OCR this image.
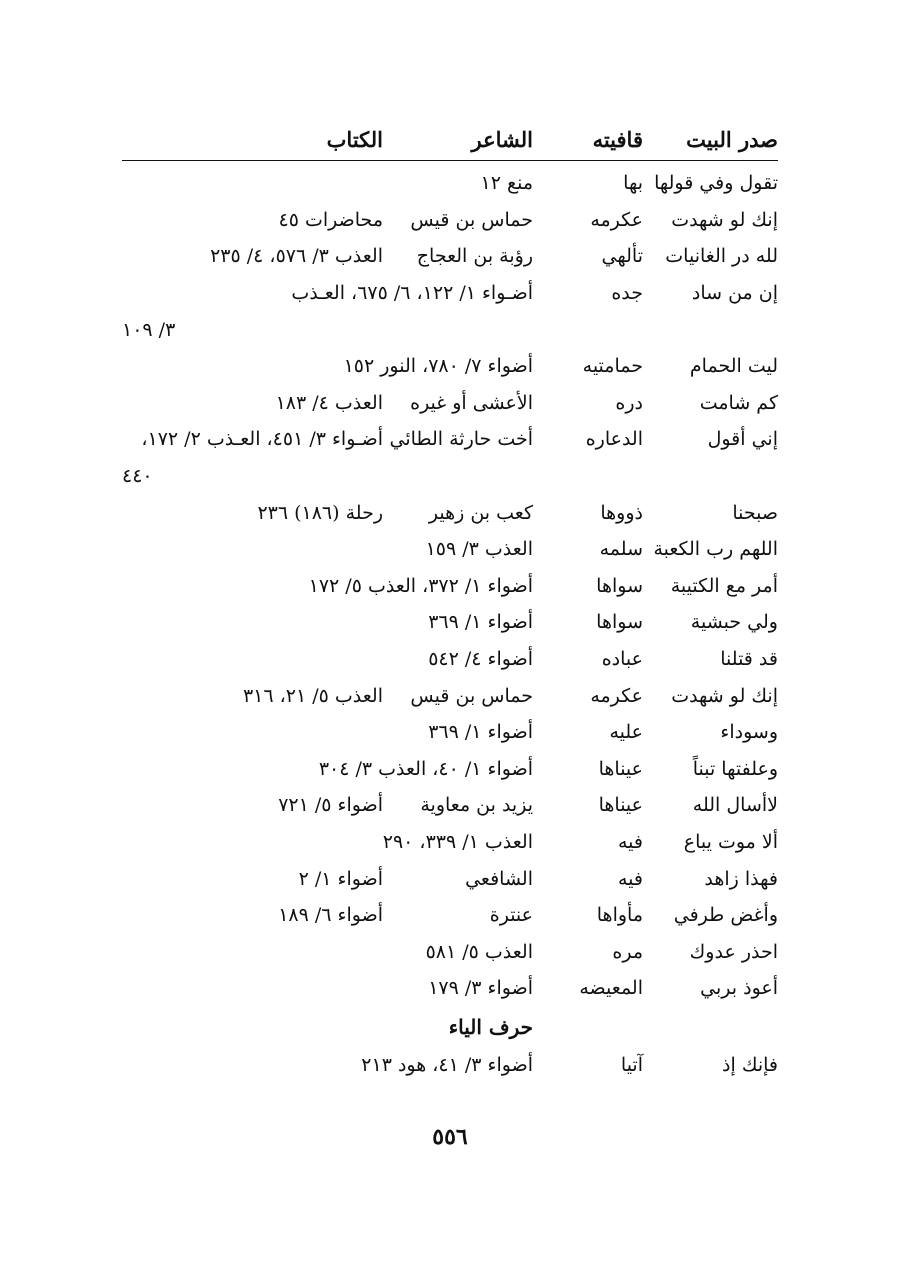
صدر البيت
قافيته
الشاعر
الكتاب
تقول وفي قولها
بها
منع ١٢
إنك لو شهدت
عكرمه
حماس بن قيس
محاضرات ٤٥
لله در الغانيات
تألهي
رؤبة بن العجاج
العذب ٣/ ٥٧٦، ٤/ ٢٣٥
إن من ساد
جده
أضـواء ١/ ١٢٢، ٦/ ٦٧٥، العـذب
٣/ ١٠٩
ليت الحمام
حمامتيه
أضواء ٧/ ٧٨٠، النور ١٥٢
كم شامت
دره
الأعشى أو غيره
العذب ٤/ ١٨٣
إني أقول
الدعاره
أخت حارثة الطائي
أضـواء ٣/ ٤٥١، العـذب ٢/ ١٧٢،
٤٤٠
صبحنا
ذووها
كعب بن زهير
رحلة (١٨٦) ٢٣٦
اللهم رب الكعبة
سلمه
العذب ٣/ ١٥٩
أمر مع الكتيبة
سواها
أضواء ١/ ٣٧٢، العذب ٥/ ١٧٢
ولي حبشية
سواها
أضواء ١/ ٣٦٩
قد قتلنا
عباده
أضواء ٤/ ٥٤٢
إنك لو شهدت
عكرمه
حماس بن قيس
العذب ٥/ ٢١، ٣١٦
وسوداء
عليه
أضواء ١/ ٣٦٩
وعلفتها تبناً
عيناها
أضواء ١/ ٤٠، العذب ٣/ ٣٠٤
لاأسال الله
عيناها
يزيد بن معاوية
أضواء ٥/ ٧٢١
ألا موت يباع
فيه
العذب ١/ ٣٣٩، ٢٩٠
فهذا زاهد
فيه
الشافعي
أضواء ١/ ٢
وأغض طرفي
مأواها
عنترة
أضواء ٦/ ١٨٩
احذر عدوك
مره
العذب ٥/ ٥٨١
أعوذ بربي
المعيضه
أضواء ٣/ ١٧٩
حرف الياء
فإنك إذ
آتيا
أضواء ٣/ ٤١، هود ٢١٣
٥٥٦
